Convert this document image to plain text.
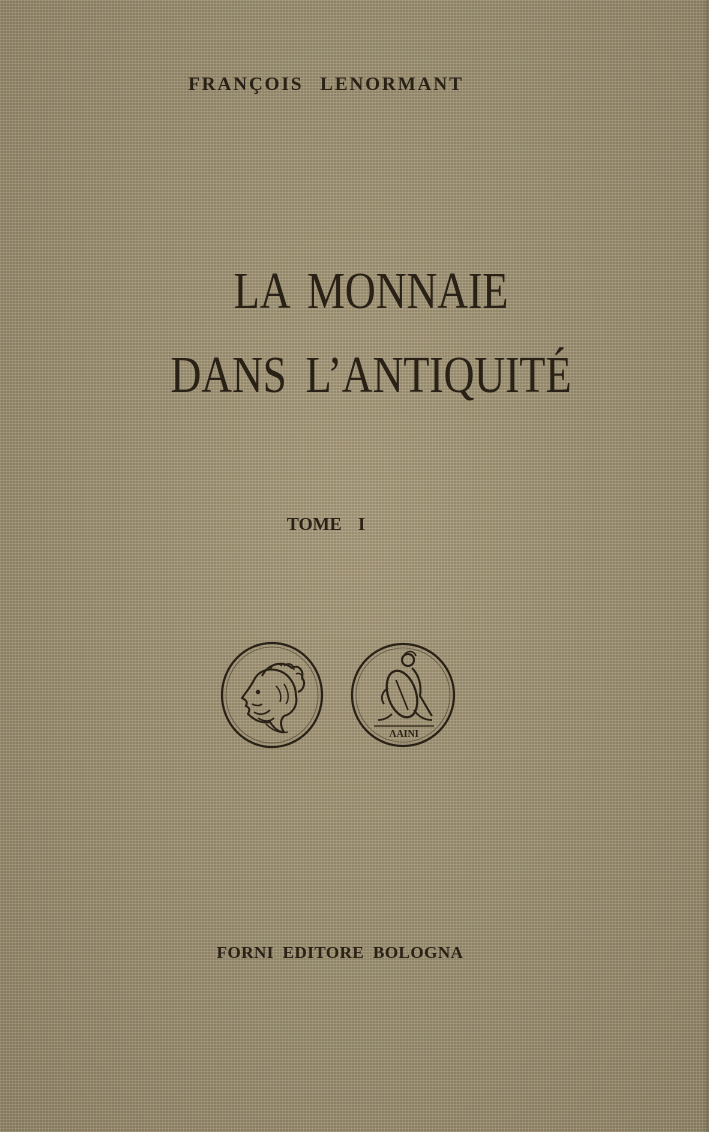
FRANÇOIS LENORMANT
LA MONNAIE
DANS L’ANTIQUITÉ
TOME I
ΛΑΙΝΙ
FORNI EDITORE BOLOGNA
